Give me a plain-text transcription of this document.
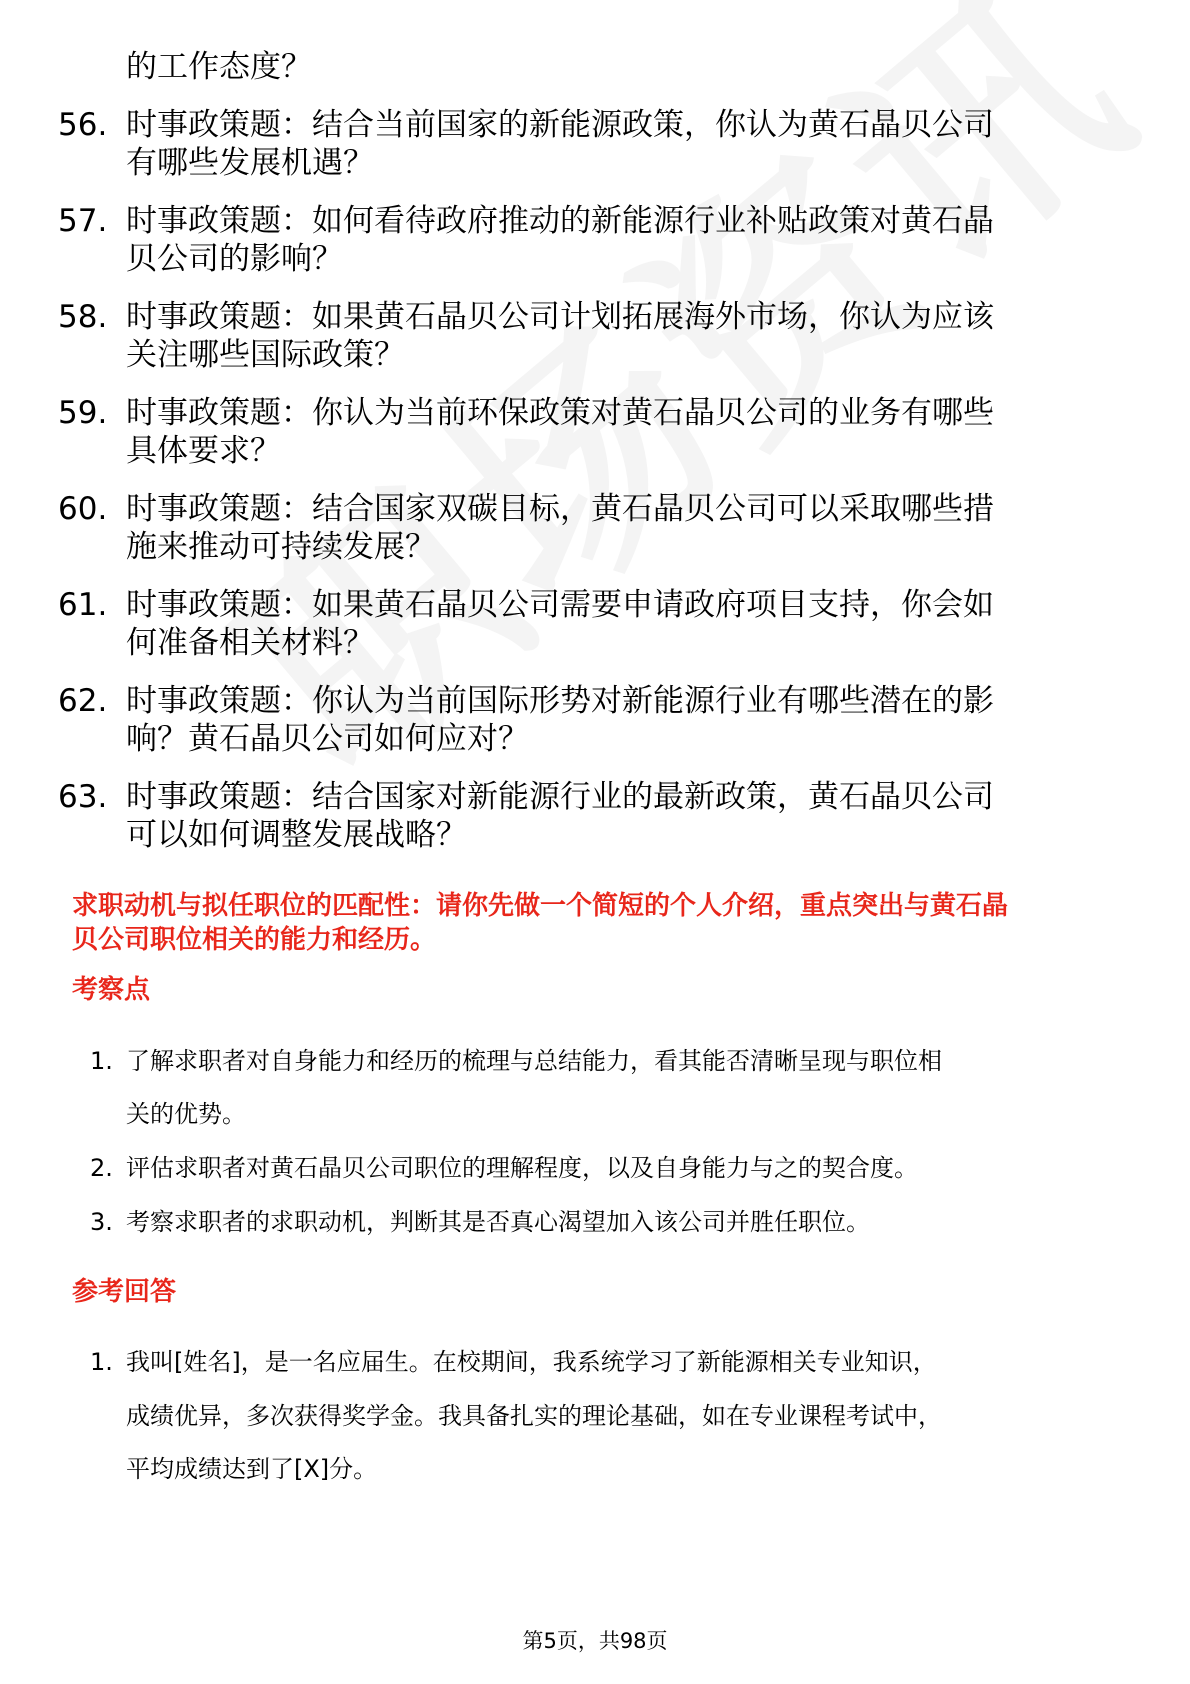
的工作态度？
56. 时事政策题：结合当前国家的新能源政策，你认为黄石晶贝公司
有哪些发展机遇？
57. 时事政策题：如何看待政府推动的新能源行业补贴政策对黄石晶
贝公司的影响？
58. 时事政策题：如果黄石晶贝公司计划拓展海外市场，你认为应该
关注哪些国际政策？
59. 时事政策题：你认为当前环保政策对黄石晶贝公司的业务有哪些
具体要求？
60. 时事政策题：结合国家双碳目标，黄石晶贝公司可以采取哪些措
施来推动可持续发展？
61. 时事政策题：如果黄石晶贝公司需要申请政府项目支持，你会如
何准备相关材料？
62. 时事政策题：你认为当前国际形势对新能源行业有哪些潜在的影
响？黄石晶贝公司如何应对？
63. 时事政策题：结合国家对新能源行业的最新政策，黄石晶贝公司
可以如何调整发展战略？
求职动机与拟任职位的匹配性：请你先做一个简短的个人介绍，重点突出与黄石晶
贝公司职位相关的能力和经历。
考察点
1. 了解求职者对自身能力和经历的梳理与总结能力，看其能否清晰呈现与职位相
关的优势。
2. 评估求职者对黄石晶贝公司职位的理解程度，以及自身能力与之的契合度。
3. 考察求职者的求职动机，判断其是否真心渴望加入该公司并胜任职位。
参考回答
1. 我叫[姓名]，是一名应届生。在校期间，我系统学习了新能源相关专业知识，
成绩优异，多次获得奖学金。我具备扎实的理论基础，如在专业课程考试中，
平均成绩达到了[X]分。
第5页，共98页
